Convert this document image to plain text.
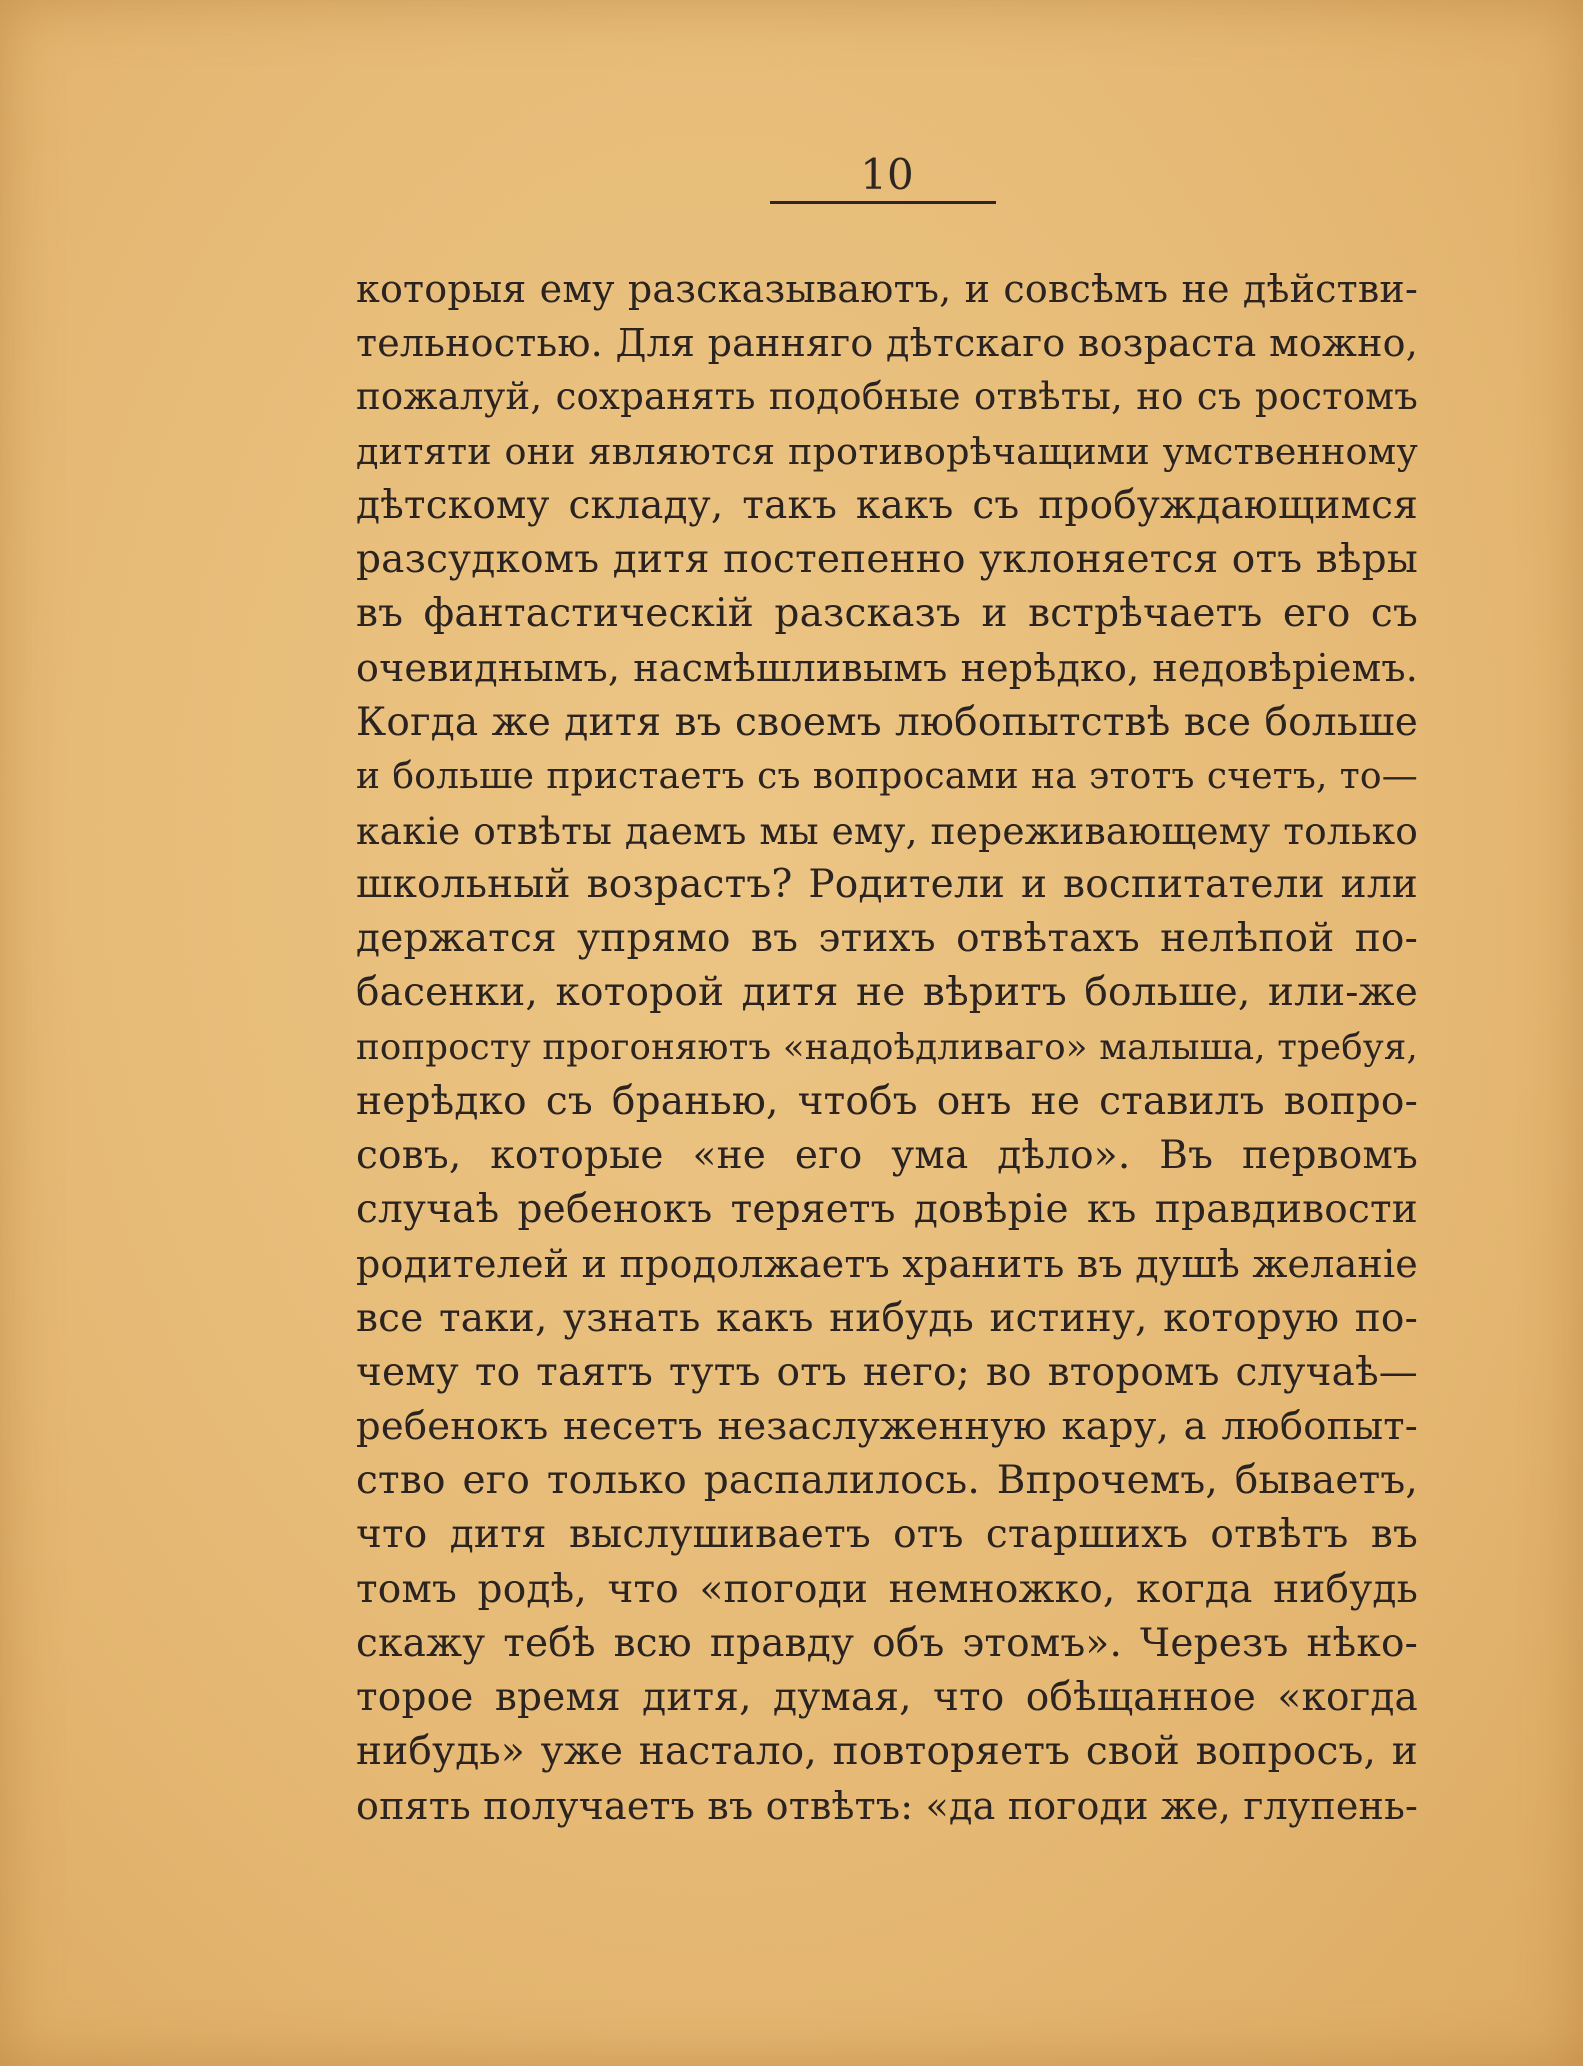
10
которыя ему разсказываютъ, и совсѣмъ не дѣйстви-
тельностью. Для ранняго дѣтскаго возраста можно,
пожалуй, сохранять подобные отвѣты, но съ ростомъ
дитяти они являются противорѣчащими умственному
дѣтскому складу, такъ какъ съ пробуждающимся
разсудкомъ дитя постепенно уклоняется отъ вѣры
въ фантастическій разсказъ и встрѣчаетъ его съ
очевиднымъ, насмѣшливымъ нерѣдко, недовѣріемъ.
Когда же дитя въ своемъ любопытствѣ все больше
и больше пристаетъ съ вопросами на этотъ счетъ, то—
какіе отвѣты даемъ мы ему, переживающему только
школьный возрастъ? Родители и воспитатели или
держатся упрямо въ этихъ отвѣтахъ нелѣпой по-
басенки, которой дитя не вѣритъ больше, или-же
попросту прогоняютъ «надоѣдливаго» малыша, требуя,
нерѣдко съ бранью, чтобъ онъ не ставилъ вопро-
совъ, которые «не его ума дѣло». Въ первомъ
случаѣ ребенокъ теряетъ довѣріе къ правдивости
родителей и продолжаетъ хранить въ душѣ желаніе
все таки, узнать какъ нибудь истину, которую по-
чему то таятъ тутъ отъ него; во второмъ случаѣ—
ребенокъ несетъ незаслуженную кару, а любопыт-
ство его только распалилось. Впрочемъ, бываетъ,
что дитя выслушиваетъ отъ старшихъ отвѣтъ въ
томъ родѣ, что «погоди немножко, когда нибудь
скажу тебѣ всю правду объ этомъ». Черезъ нѣко-
торое время дитя, думая, что обѣщанное «когда
нибудь» уже настало, повторяетъ свой вопросъ, и
опять получаетъ въ отвѣтъ: «да погоди же, глупень-
